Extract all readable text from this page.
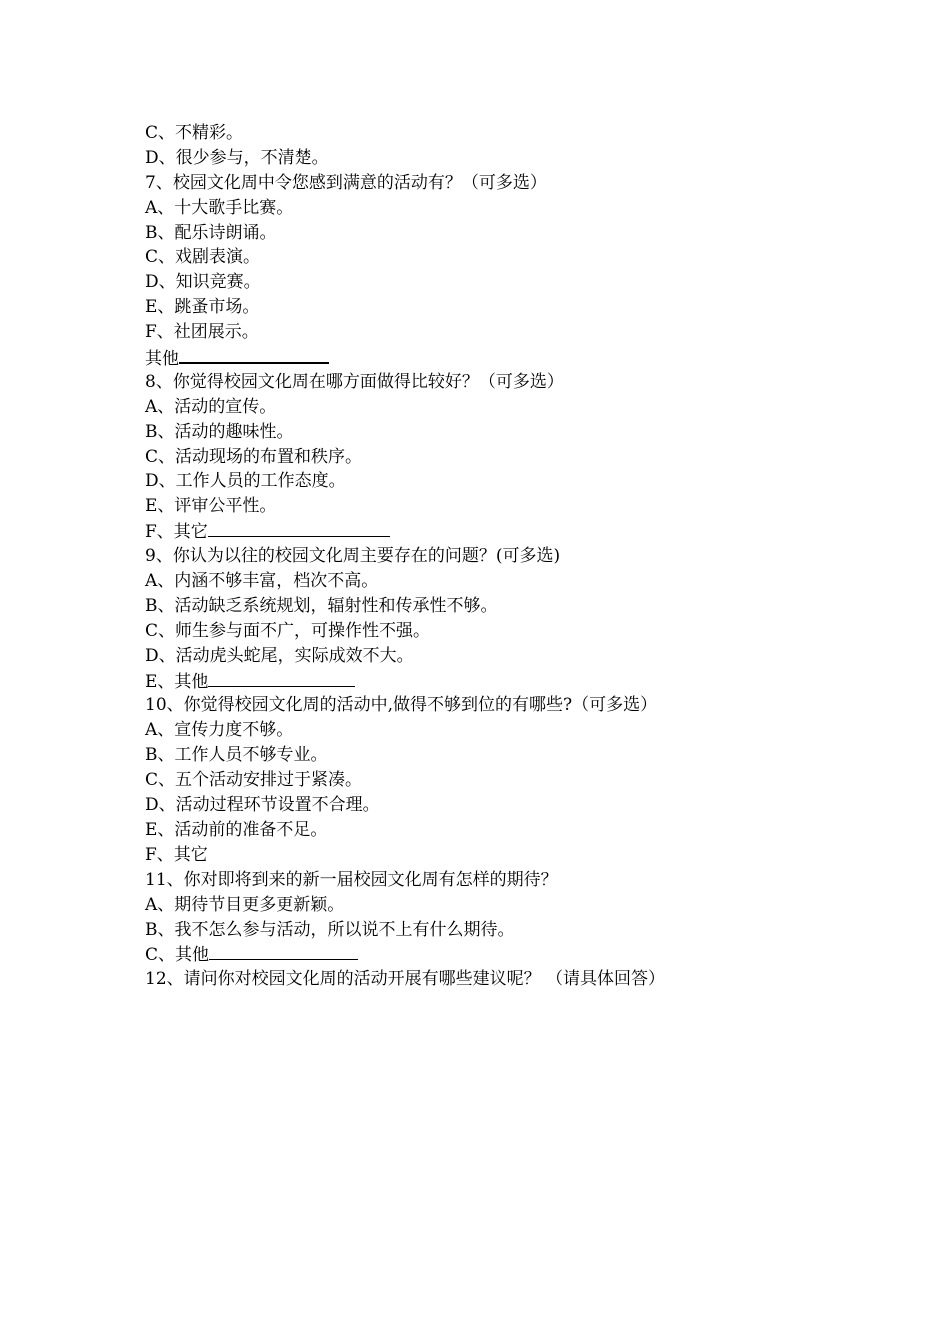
C、不精彩。
D、很少参与，不清楚。
7、校园文化周中令您感到满意的活动有？（可多选）
A、十大歌手比赛。
B、配乐诗朗诵。
C、戏剧表演。
D、知识竞赛。
E、跳蚤市场。
F、社团展示。
其他
8、你觉得校园文化周在哪方面做得比较好？（可多选）
A、活动的宣传。
B、活动的趣味性。
C、活动现场的布置和秩序。
D、工作人员的工作态度。
E、评审公平性。
F、其它
9、你认为以往的校园文化周主要存在的问题？(可多选)
A、内涵不够丰富，档次不高。
B、活动缺乏系统规划，辐射性和传承性不够。
C、师生参与面不广，可操作性不强。
D、活动虎头蛇尾，实际成效不大。
E、其他
10、你觉得校园文化周的活动中,做得不够到位的有哪些?（可多选）
A、宣传力度不够。
B、工作人员不够专业。
C、五个活动安排过于紧凑。
D、活动过程环节设置不合理。
E、活动前的准备不足。
F、其它
11、你对即将到来的新一届校园文化周有怎样的期待？
A、期待节目更多更新颖。
B、我不怎么参与活动，所以说不上有什么期待。
C、其他
12、请问你对校园文化周的活动开展有哪些建议呢？ （请具体回答）
